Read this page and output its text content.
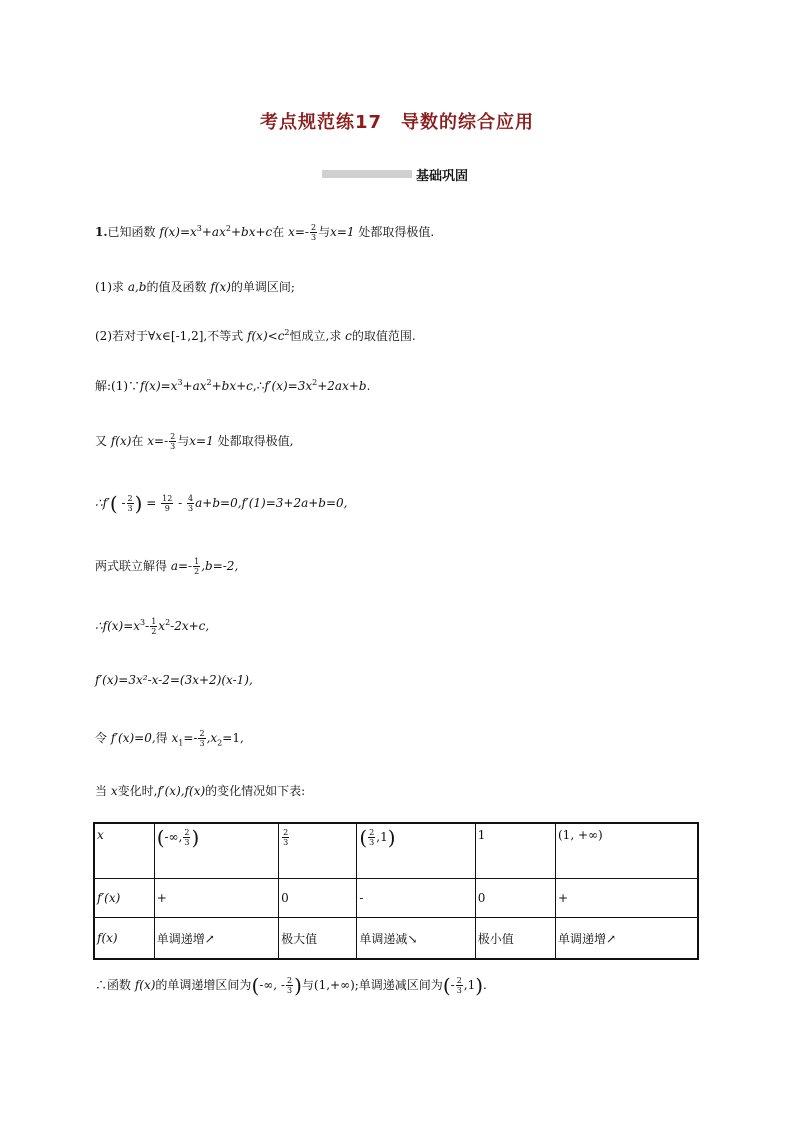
考点规范练17　导数的综合应用
基础巩固
1.已知函数 $f(x)=x^3+ax^2+bx+c$在 $x=- \frac{2}{3}$ 与x=1 处都取得极值.
(1)求 a,b的值及函数 f(x)的单调区间;
(2)若对于∀x∈[-1,2],不等式 $f(x)<c^2$恒成立,求 c的取值范围.
解$:(1)\because f(x)=x^3+ax^2+bx+c,\therefore f'(x)=3x^2+2ax+b$.
又 f(x)在 $x=- \frac{2}{3}$ 与x=1 处都取得极值,
∴f′( - $\frac{2}{3}$ ) = $\frac{12}{9} - \frac{4}{3} a+b=0,f'(1)=3+2a+b=0$,
两式联立解得 $a=- \frac{1}{2} ,b=-2$,
$\therefore f(x)=x^3- \frac{1}{2} x^2-2x+c$,
f′(x)=3x²-x-2=(3x+2)(x-1),
令 f′(x)=0,得 $x_1=- \frac{2}{3} ,x_2=1$,
当 x变化时,f′(x),f(x)的变化情况如下表:
x	(-∞, $\frac{2}{3}$ )	$\frac{2}{3}$	( $\frac{2}{3} ,1$)	1	(1, +∞)
f′(x)	+	0	-	0	+
f(x)	单调递增↗	极大值	单调递减↘	极小值	单调递增↗
∴函数 f(x)的单调递增区间为(-∞, - $\frac{2}{3}$ )与(1,+∞);单调递减区间为(- $\frac{2}{3} ,1$).
